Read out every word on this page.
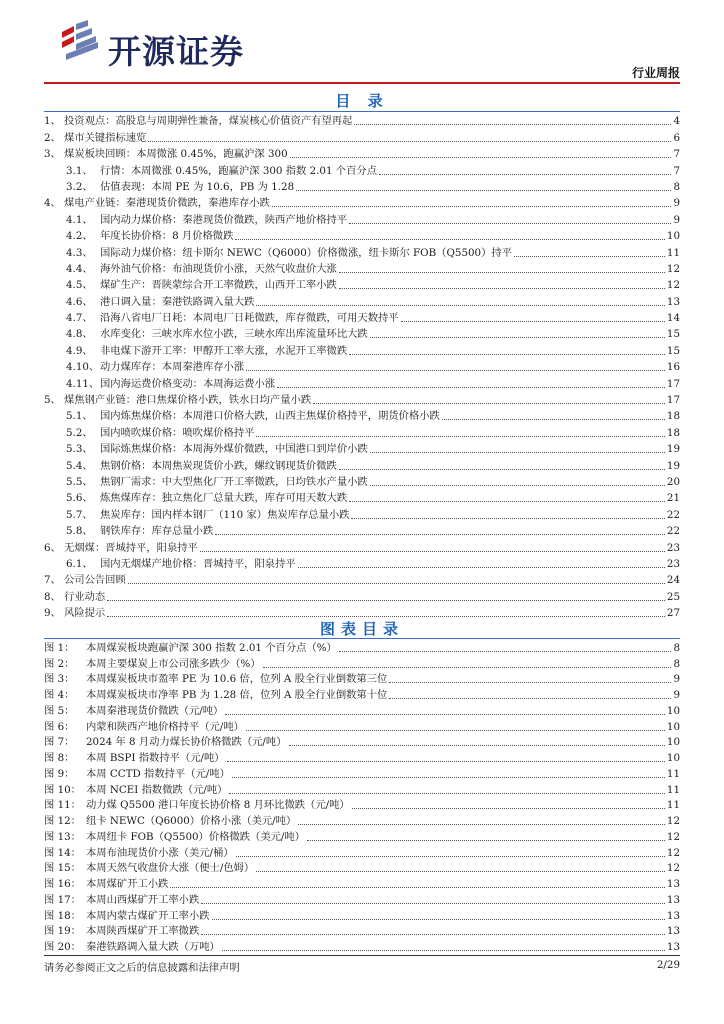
开源证券
行业周报
目 录
1、 投资观点：高股息与周期弹性兼备，煤炭核心价值资产有望再起	4
2、 煤市关键指标速览	6
3、 煤炭板块回顾：本周微涨 0.45%，跑赢沪深 300	7
3.1、 行情：本周微涨 0.45%，跑赢沪深 300 指数 2.01 个百分点	7
3.2、 估值表现：本周 PE 为 10.6，PB 为 1.28	8
4、 煤电产业链：秦港现货价微跌，秦港库存小跌	9
4.1、 国内动力煤价格：秦港现货价微跌，陕西产地价格持平	9
4.2、 年度长协价格：8 月价格微跌	10
4.3、 国际动力煤价格：纽卡斯尔 NEWC（Q6000）价格微涨，纽卡斯尔 FOB（Q5500）持平	11
4.4、 海外油气价格：布油现货价小涨，天然气收盘价大涨	12
4.5、 煤矿生产：晋陕蒙综合开工率微跌，山西开工率小跌	12
4.6、 港口调入量：秦港铁路调入量大跌	13
4.7、 沿海八省电厂日耗：本周电厂日耗微跌，库存微跌，可用天数持平	14
4.8、 水库变化：三峡水库水位小跌，三峡水库出库流量环比大跌	15
4.9、 非电煤下游开工率：甲醇开工率大涨，水泥开工率微跌	15
4.10、 动力煤库存：本周秦港库存小涨	16
4.11、 国内海运费价格变动：本周海运费小涨	17
5、 煤焦钢产业链：港口焦煤价格小跌，铁水日均产量小跌	17
5.1、 国内炼焦煤价格：本周港口价格大跌，山西主焦煤价格持平，期货价格小跌	18
5.2、 国内喷吹煤价格：喷吹煤价格持平	18
5.3、 国际炼焦煤价格：本周海外煤价微跌，中国港口到岸价小跌	19
5.4、 焦钢价格：本周焦炭现货价小跌，螺纹钢现货价微跌	19
5.5、 焦钢厂需求：中大型焦化厂开工率微跌，日均铁水产量小跌	20
5.6、 炼焦煤库存：独立焦化厂总量大跌，库存可用天数大跌	21
5.7、 焦炭库存：国内样本钢厂（110 家）焦炭库存总量小跌	22
5.8、 钢铁库存：库存总量小跌	22
6、 无烟煤：晋城持平，阳泉持平	23
6.1、 国内无烟煤产地价格：晋城持平，阳泉持平	23
7、 公司公告回顾	24
8、 行业动态	25
9、 风险提示	27
图表目录
图 1：	本周煤炭板块跑赢沪深 300 指数 2.01 个百分点（%）	8
图 2：	本周主要煤炭上市公司涨多跌少（%）	8
图 3：	本周煤炭板块市盈率 PE 为 10.6 倍，位列 A 股全行业倒数第三位	9
图 4：	本周煤炭板块市净率 PB 为 1.28 倍，位列 A 股全行业倒数第十位	9
图 5：	本周秦港现货价微跌（元/吨）	10
图 6：	内蒙和陕西产地价格持平（元/吨）	10
图 7：	2024 年 8 月动力煤长协价格微跌（元/吨）	10
图 8：	本周 BSPI 指数持平（元/吨）	10
图 9：	本周 CCTD 指数持平（元/吨）	11
图 10： 本周 NCEI 指数微跌（元/吨）	11
图 11： 动力煤 Q5500 港口年度长协价格 8 月环比微跌（元/吨）	11
图 12： 纽卡 NEWC（Q6000）价格小涨（美元/吨）	12
图 13： 本周纽卡 FOB（Q5500）价格微跌（美元/吨）	12
图 14： 本周布油现货价小涨（美元/桶）	12
图 15： 本周天然气收盘价大涨（便士/色姆）	12
图 16： 本周煤矿开工小跌	13
图 17： 本周山西煤矿开工率小跌	13
图 18： 本周内蒙古煤矿开工率小跌	13
图 19： 本周陕西煤矿开工率微跌	13
图 20： 秦港铁路调入量大跌（万吨）	13
请务必参阅正文之后的信息披露和法律声明	2/29
